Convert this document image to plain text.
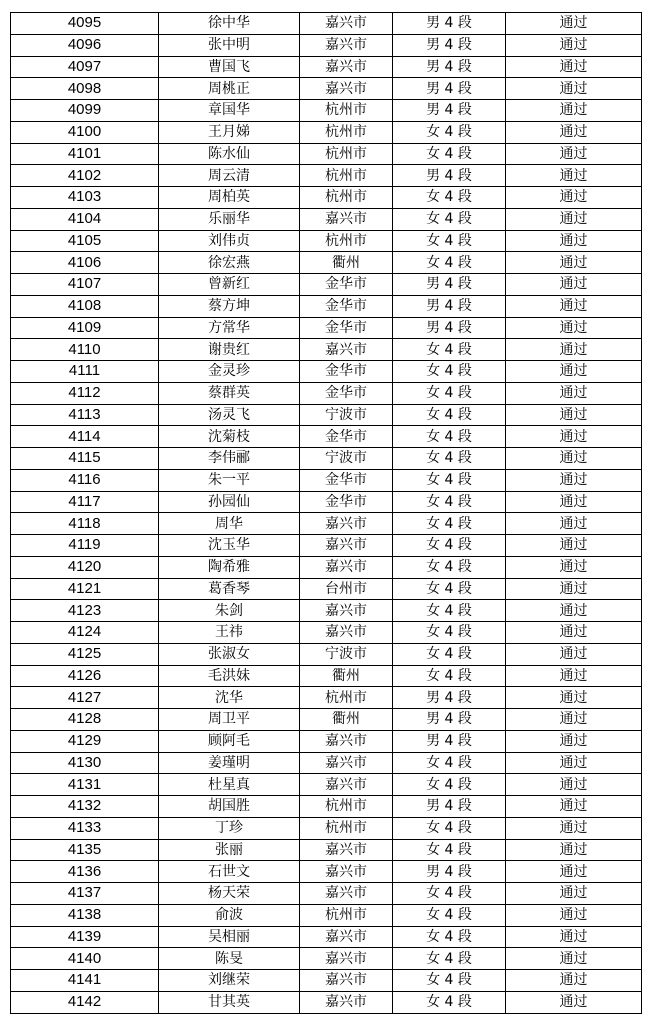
4095	徐中华	嘉兴市	男 4 段	通过
4096	张中明	嘉兴市	男 4 段	通过
4097	曹国飞	嘉兴市	男 4 段	通过
4098	周桃正	嘉兴市	男 4 段	通过
4099	章国华	杭州市	男 4 段	通过
4100	王月娣	杭州市	女 4 段	通过
4101	陈水仙	杭州市	女 4 段	通过
4102	周云清	杭州市	男 4 段	通过
4103	周柏英	杭州市	女 4 段	通过
4104	乐丽华	嘉兴市	女 4 段	通过
4105	刘伟贞	杭州市	女 4 段	通过
4106	徐宏燕	衢州	女 4 段	通过
4107	曾新红	金华市	男 4 段	通过
4108	蔡方坤	金华市	男 4 段	通过
4109	方常华	金华市	男 4 段	通过
4110	谢贵红	嘉兴市	女 4 段	通过
4111	金灵珍	金华市	女 4 段	通过
4112	蔡群英	金华市	女 4 段	通过
4113	汤灵飞	宁波市	女 4 段	通过
4114	沈菊枝	金华市	女 4 段	通过
4115	李伟郦	宁波市	女 4 段	通过
4116	朱一平	金华市	女 4 段	通过
4117	孙园仙	金华市	女 4 段	通过
4118	周华	嘉兴市	女 4 段	通过
4119	沈玉华	嘉兴市	女 4 段	通过
4120	陶希雅	嘉兴市	女 4 段	通过
4121	葛香琴	台州市	女 4 段	通过
4123	朱剑	嘉兴市	女 4 段	通过
4124	王祎	嘉兴市	女 4 段	通过
4125	张淑女	宁波市	女 4 段	通过
4126	毛洪妹	衢州	女 4 段	通过
4127	沈华	杭州市	男 4 段	通过
4128	周卫平	衢州	男 4 段	通过
4129	顾阿毛	嘉兴市	男 4 段	通过
4130	姜瑾明	嘉兴市	女 4 段	通过
4131	杜星真	嘉兴市	女 4 段	通过
4132	胡国胜	杭州市	男 4 段	通过
4133	丁珍	杭州市	女 4 段	通过
4135	张丽	嘉兴市	女 4 段	通过
4136	石世文	嘉兴市	男 4 段	通过
4137	杨天荣	嘉兴市	女 4 段	通过
4138	俞波	杭州市	女 4 段	通过
4139	吴相丽	嘉兴市	女 4 段	通过
4140	陈旻	嘉兴市	女 4 段	通过
4141	刘继荣	嘉兴市	女 4 段	通过
4142	甘其英	嘉兴市	女 4 段	通过
